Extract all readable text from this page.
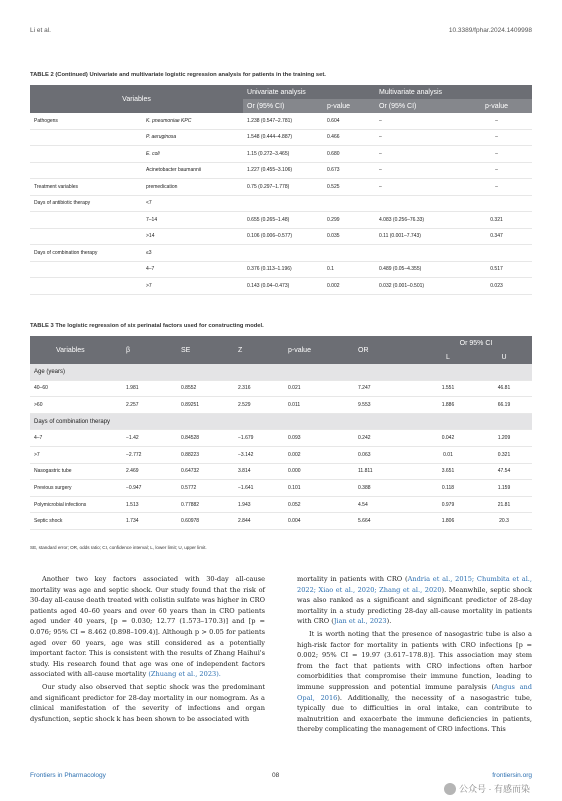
Li et al.	10.3389/fphar.2024.1409998
TABLE 2 (Continued) Univariate and multivariate logistic regression analysis for patients in the training set.
Variables		Univariate analysis		Multivariate analysis	
		Or (95% CI)	p-value	Or (95% CI)	p-value
Pathogens	K. pneumoniae KPC	1.238 (0.547–2.781)	0.604	–	–
	P. aeruginosa	1.548 (0.444–4.887)	0.466	–	–
	E. coli	1.15 (0.272–3.465)	0.680	–	–
	Acinetobacter baumannii	1.227 (0.455–3.106)	0.673	–	–
Treatment variables	premedication	0.75 (0.297–1.778)	0.525	–	–
Days of antibiotic therapy	<7				
	7–14	0.655 (0.265–1.48)	0.299	4.083 (0.256–76.33)	0.321
	>14	0.106 (0.006–0.577)	0.035	0.11 (0.001–7.743)	0.347
Days of combination therapy	≤3				
	4–7	0.376 (0.113–1.196)	0.1	0.489 (0.05–4.355)	0.517
	>7	0.143 (0.04–0.473)	0.002	0.032 (0.001–0.501)	0.023
TABLE 3 The logistic regression of six perinatal factors used for constructing model.
Variables	β	SE	Z	p-value	OR	Or 95% CI	
						L	U
Age (years)							
40–60	1.981	0.8552	2.316	0.021	7.247	1.551	46.81
>60	2.257	0.89251	2.529	0.011	9.553	1.886	66.19
Days of combination therapy							
4–7	−1.42	0.84528	−1.679	0.093	0.242	0.042	1.209
>7	−2.772	0.88223	−3.142	0.002	0.063	0.01	0.321
Nasogastric tube	2.469	0.64732	3.814	0.000	11.811	3.651	47.54
Previous surgery	−0.947	0.5772	−1.641	0.101	0.388	0.118	1.159
Polymicrobial infections	1.513	0.77882	1.943	0.052	4.54	0.979	21.81
Septic shock	1.734	0.60978	2.844	0.004	5.664	1.806	20.3
SE, standard error; OR, odds ratio; CI, confidence interval; L, lower limit; U, upper limit.

Another two key factors associated with 30-day all-cause mortality was age and septic shock. Our study found that the risk of 30-day all-cause death treated with colistin sulfate was higher in CRO patients aged 40–60 years and over 60 years than in CRO patients aged under 40 years, [p = 0.030; 12.77 (1.573–170.3)] and [p = 0.076; 95% CI = 8.462 (0.898–109.4)]. Although p > 0.05 for patients aged over 60 years, age was still considered as a potentially important factor. This is consistent with the results of Zhang Haihui's study. His research found that age was one of independent factors associated with all-cause mortality (Zhuang et al., 2023).

Our study also observed that septic shock was the predominant and significant predictor for 28-day mortality in our nomogram. As a clinical manifestation of the severity of infections and organ dysfunction, septic shock k has been shown to be associated with

mortality in patients with CRO (Andria et al., 2015; Chumbita et al., 2022; Xiao et al., 2020; Zhang et al., 2020). Meanwhile, septic shock was also ranked as a significant and significant predictor of 28-day mortality in a study predicting 28-day all-cause mortality in patients with CRO (Jian et al., 2023).

It is worth noting that the presence of nasogastric tube is also a high-risk factor for mortality in patients with CRO infections [p = 0.002; 95% CI = 19.97 (3.617–178.8)]. This association may stem from the fact that patients with CRO infections often harbor comorbidities that compromise their immune function, leading to immune suppression and potential immune paralysis (Angus and Opal, 2016). Additionally, the necessity of a nasogastric tube, typically due to difficulties in oral intake, can contribute to malnutrition and exacerbate the immune deficiencies in patients, thereby complicating the management of CRO infections. This

Frontiers in Pharmacology	08	frontiersin.org
公众号 · 有感而染
